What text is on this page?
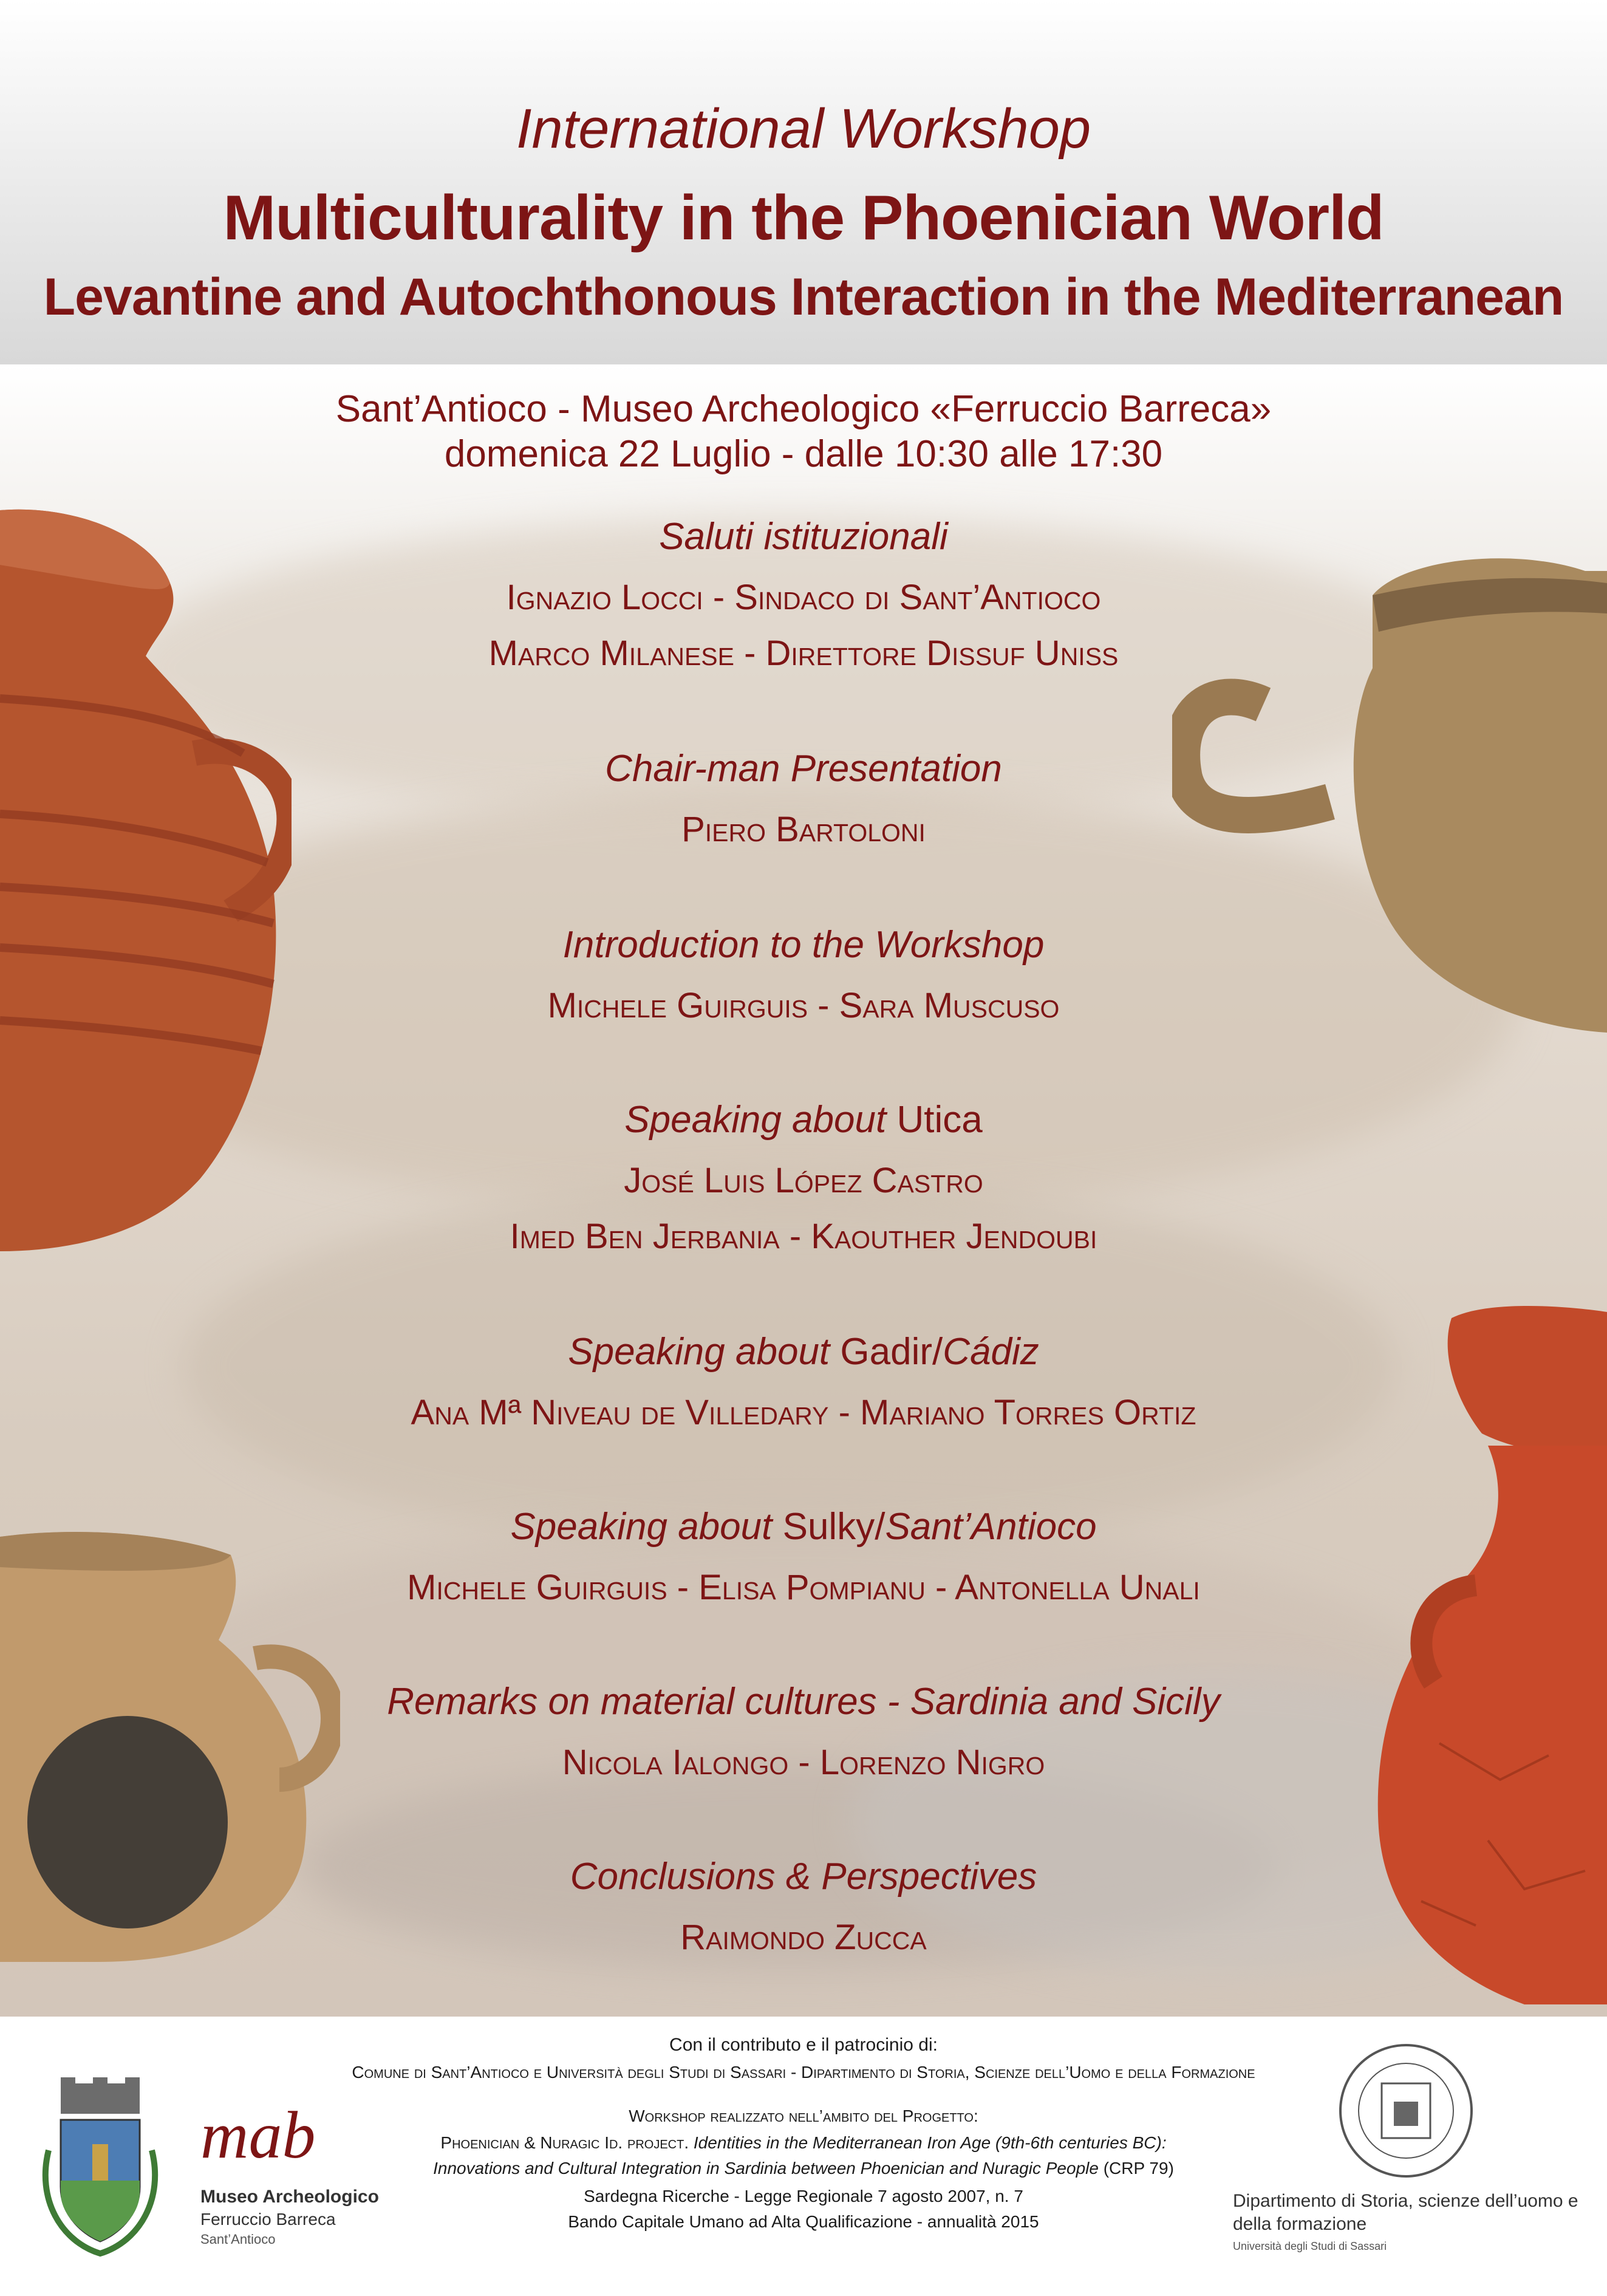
International Workshop
Multiculturality in the Phoenician World
Levantine and Autochthonous Interaction in the Mediterranean
Sant’Antioco - Museo Archeologico «Ferruccio Barreca»
domenica 22 Luglio - dalle 10:30 alle 17:30
Saluti istituzionali
Ignazio Locci - Sindaco di Sant’Antioco
Marco Milanese - Direttore Dissuf Uniss
Chair-man Presentation
Piero Bartoloni
Introduction to the Workshop
Michele Guirguis - Sara Muscuso
Speaking about Utica
José Luis López Castro
Imed Ben Jerbania - Kaouther Jendoubi
Speaking about Gadir/Cádiz
Ana Mª Niveau de Villedary - Mariano Torres Ortiz
Speaking about Sulky/Sant’Antioco
Michele Guirguis - Elisa Pompianu - Antonella Unali
Remarks on material cultures - Sardinia and Sicily
Nicola Ialongo - Lorenzo Nigro
Conclusions & Perspectives
Raimondo Zucca
Con il contributo e il patrocinio di:
Comune di Sant’Antioco e Università degli Studi di Sassari - Dipartimento di Storia, Scienze dell’Uomo e della Formazione
Workshop realizzato nell’ambito del Progetto:
Phoenician & Nuragic Id. project. Identities in the Mediterranean Iron Age (9th-6th centuries BC):
Innovations and Cultural Integration in Sardinia between Phoenician and Nuragic People (CRP 79)
Sardegna Ricerche - Legge Regionale 7 agosto 2007, n. 7
Bando Capitale Umano ad Alta Qualificazione - annualità 2015
mab
Museo Archeologico
Ferruccio Barreca
Sant’Antioco
Dipartimento di Storia, scienze dell’uomo e della formazione
Università degli Studi di Sassari
